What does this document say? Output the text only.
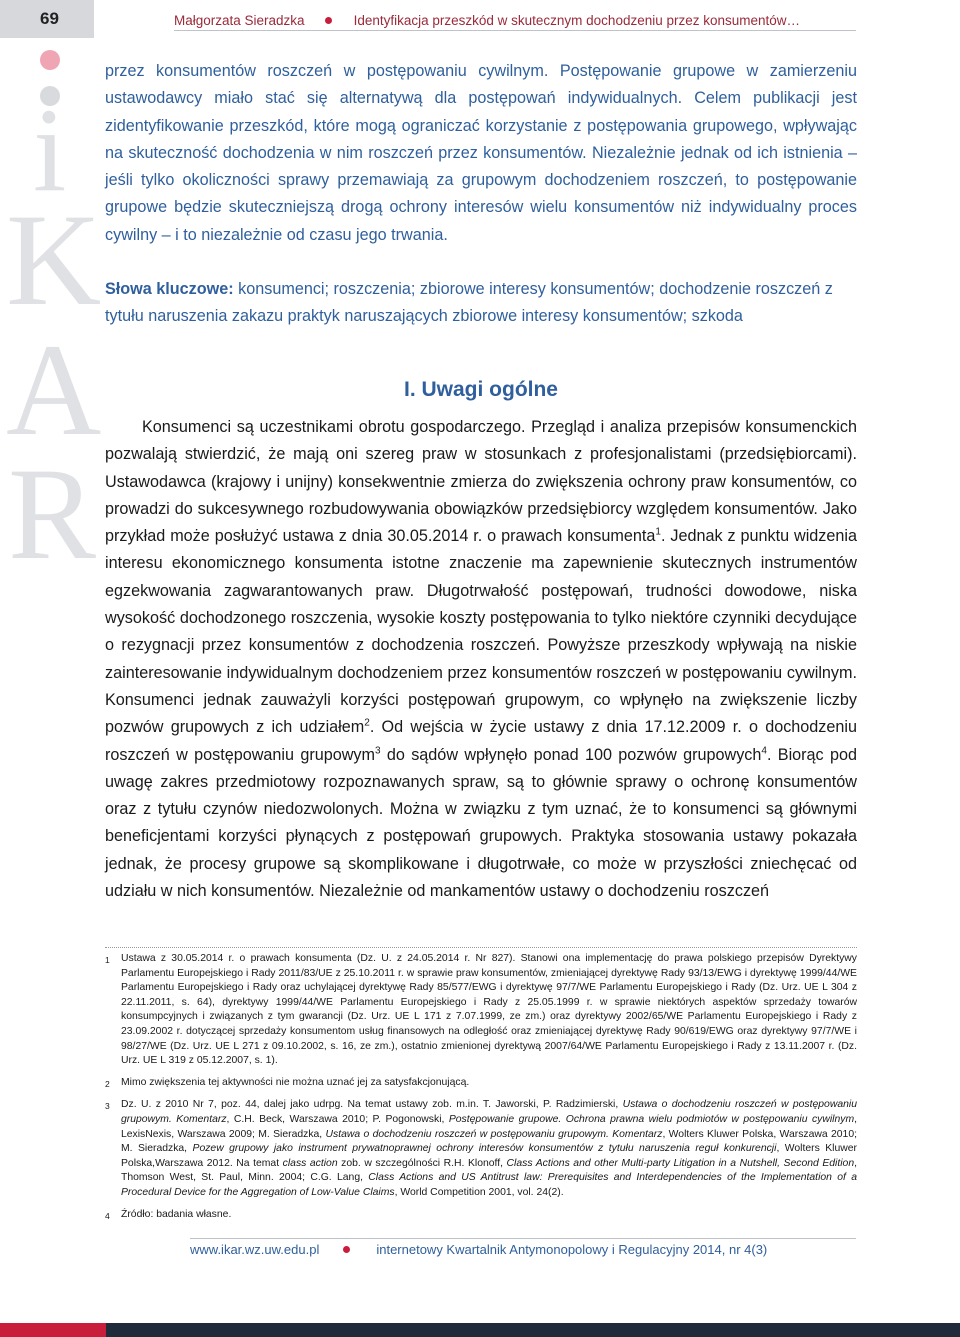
69	Małgorzata Sieradzka	Identyfikacja przeszkód w skutecznym dochodzeniu przez konsumentów…
i
K
A
R

przez konsumentów roszczeń w postępowaniu cywilnym. Postępowanie grupowe w zamierzeniu ustawodawcy miało stać się alternatywą dla postępowań indywidualnych. Celem publikacji jest zidentyfikowanie przeszkód, które mogą ograniczać korzystanie z postępowania grupowego, wpływając na skuteczność dochodzenia w nim roszczeń przez konsumentów. Niezależnie jednak od ich istnienia – jeśli tylko okoliczności sprawy przemawiają za grupowym dochodzeniem roszczeń, to postępowanie grupowe będzie skuteczniejszą drogą ochrony interesów wielu konsumentów niż indywidualny proces cywilny – i to niezależnie od czasu jego trwania.

Słowa kluczowe: konsumenci; roszczenia; zbiorowe interesy konsumentów; dochodzenie roszczeń z tytułu naruszenia zakazu praktyk naruszających zbiorowe interesy konsumentów; szkoda

I. Uwagi ogólne

Konsumenci są uczestnikami obrotu gospodarczego. Przegląd i analiza przepisów konsumenckich pozwalają stwierdzić, że mają oni szereg praw w stosunkach z profesjonalistami (przedsiębiorcami). Ustawodawca (krajowy i unijny) konsekwentnie zmierza do zwiększenia ochrony praw konsumentów, co prowadzi do sukcesywnego rozbudowywania obowiązków przedsiębiorcy względem konsumentów. Jako przykład może posłużyć ustawa z dnia 30.05.2014 r. o prawach konsumenta$^1$. Jednak z punktu widzenia interesu ekonomicznego konsumenta istotne znaczenie ma zapewnienie skutecznych instrumentów egzekwowania zagwarantowanych praw. Długotrwałość postępowań, trudności dowodowe, niska wysokość dochodzonego roszczenia, wysokie koszty postępowania to tylko niektóre czynniki decydujące o rezygnacji przez konsumentów z dochodzenia roszczeń. Powyższe przeszkody wpływają na niskie zainteresowanie indywidualnym dochodzeniem przez konsumentów roszczeń w postępowaniu cywilnym. Konsumenci jednak zauważyli korzyści postępowań grupowym, co wpłynęło na zwiększenie liczby pozwów grupowych z ich udziałem$^2$. Od wejścia w życie ustawy z dnia 17.12.2009 r. o dochodzeniu roszczeń w postępowaniu grupowym$^3$ do sądów wpłynęło ponad 100 pozwów grupowych$^4$. Biorąc pod uwagę zakres przedmiotowy rozpoznawanych spraw, są to głównie sprawy o ochronę konsumentów oraz z tytułu czynów niedozwolonych. Można w związku z tym uznać, że to konsumenci są głównymi beneficjentami korzyści płynących z postępowań grupowych. Praktyka stosowania ustawy pokazała jednak, że procesy grupowe są skomplikowane i długotrwałe, co może w przyszłości zniechęcać od udziału w nich konsumentów. Niezależnie od mankamentów ustawy o dochodzeniu roszczeń

1	Ustawa z 30.05.2014 r. o prawach konsumenta (Dz. U. z 24.05.2014 r. Nr 827). Stanowi ona implementację do prawa polskiego przepisów Dyrektywy Parlamentu Europejskiego i Rady 2011/83/UE z 25.10.2011 r. w sprawie praw konsumentów, zmieniającej dyrektywę Rady 93/13/EWG i dyrektywę 1999/44/WE Parlamentu Europejskiego i Rady oraz uchylającej dyrektywę Rady 85/577/EWG i dyrektywę 97/7/WE Parlamentu Europejskiego i Rady (Dz. Urz. UE L 304 z 22.11.2011, s. 64), dyrektywy 1999/44/WE Parlamentu Europejskiego i Rady z 25.05.1999 r. w sprawie niektórych aspektów sprzedaży towarów konsumpcyjnych i związanych z tym gwarancji (Dz. Urz. UE L 171 z 7.07.1999, ze zm.) oraz dyrektywy 2002/65/WE Parlamentu Europejskiego i Rady z 23.09.2002 r. dotyczącej sprzedaży konsumentom usług finansowych na odległość oraz zmieniającej dyrektywę Rady 90/619/EWG oraz dyrektywy 97/7/WE i 98/27/WE (Dz. Urz. UE L 271 z 09.10.2002, s. 16, ze zm.), ostatnio zmienionej dyrektywą 2007/64/WE Parlamentu Europejskiego i Rady z 13.11.2007 r. (Dz. Urz. UE L 319 z 05.12.2007, s. 1).
2	Mimo zwiększenia tej aktywności nie można uznać jej za satysfakcjonującą.
3	Dz. U. z 2010 Nr 7, poz. 44, dalej jako udrpg. Na temat ustawy zob. m.in. T. Jaworski, P. Radzimierski, Ustawa o dochodzeniu roszczeń w postępowaniu grupowym. Komentarz, C.H. Beck, Warszawa 2010; P. Pogonowski, Postępowanie grupowe. Ochrona prawna wielu podmiotów w postępowaniu cywilnym, LexisNexis, Warszawa 2009; M. Sieradzka, Ustawa o dochodzeniu roszczeń w postępowaniu grupowym. Komentarz, Wolters Kluwer Polska, Warszawa 2010; M. Sieradzka, Pozew grupowy jako instrument prywatnoprawnej ochrony interesów konsumentów z tytułu naruszenia reguł konkurencji, Wolters Kluwer Polska,Warszawa 2012. Na temat class action zob. w szczególności R.H. Klonoff, Class Actions and other Multi-party Litigation in a Nutshell, Second Edition, Thomson West, St. Paul, Minn. 2004; C.G. Lang, Class Actions and US Antitrust law: Prerequisites and Interdependencies of the Implementation of a Procedural Device for the Aggregation of Low-Value Claims, World Competition 2001, vol. 24(2).
4	Źródło: badania własne.
www.ikar.wz.uw.edu.pl	internetowy Kwartalnik Antymonopolowy i Regulacyjny 2014, nr 4(3)
